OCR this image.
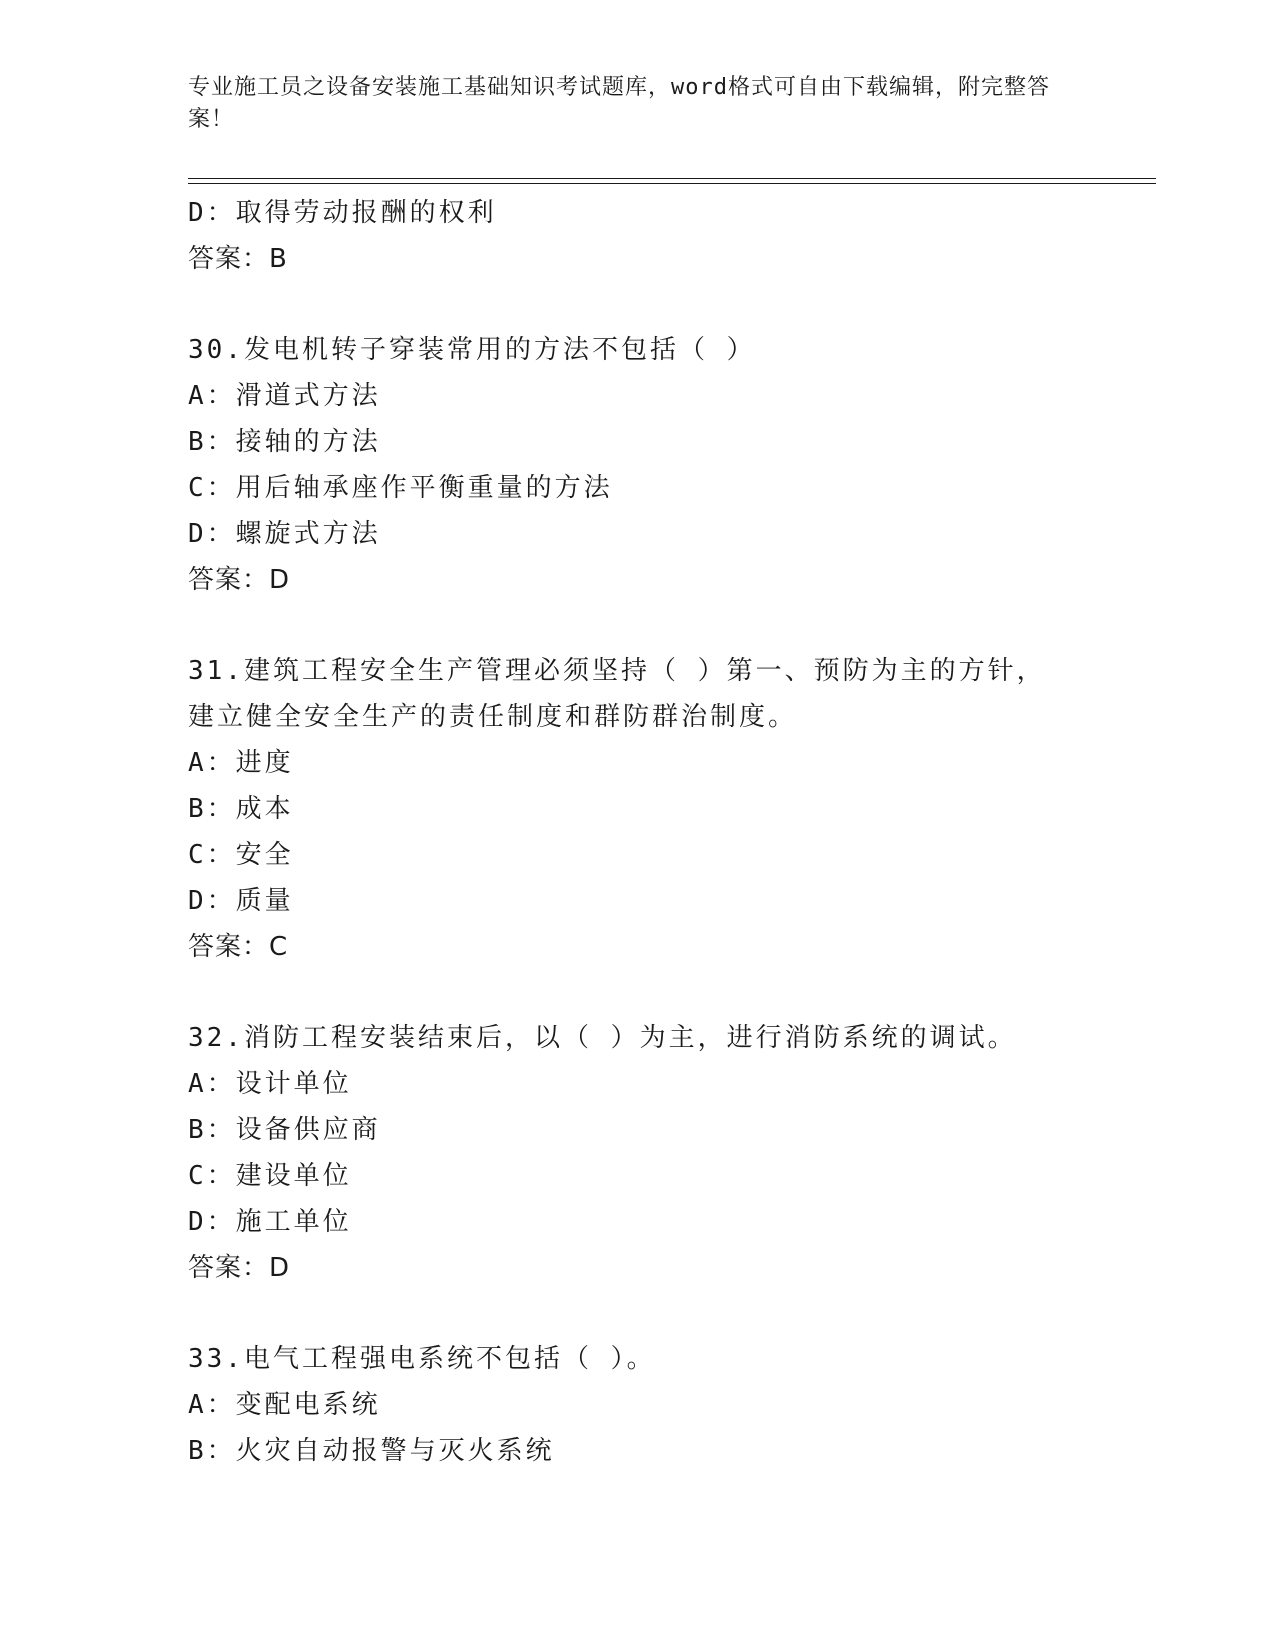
专业施工员之设备安装施工基础知识考试题库，word格式可自由下载编辑，附完整答案！
D：取得劳动报酬的权利
答案：B
30.发电机转子穿装常用的方法不包括（ ）
A：滑道式方法
B：接轴的方法
C：用后轴承座作平衡重量的方法
D：螺旋式方法
答案：D
31.建筑工程安全生产管理必须坚持（ ）第一、预防为主的方针，建立健全安全生产的责任制度和群防群治制度。
A：进度
B：成本
C：安全
D：质量
答案：C
32.消防工程安装结束后，以（ ）为主，进行消防系统的调试。
A：设计单位
B：设备供应商
C：建设单位
D：施工单位
答案：D
33.电气工程强电系统不包括（ ）。
A：变配电系统
B：火灾自动报警与灭火系统
